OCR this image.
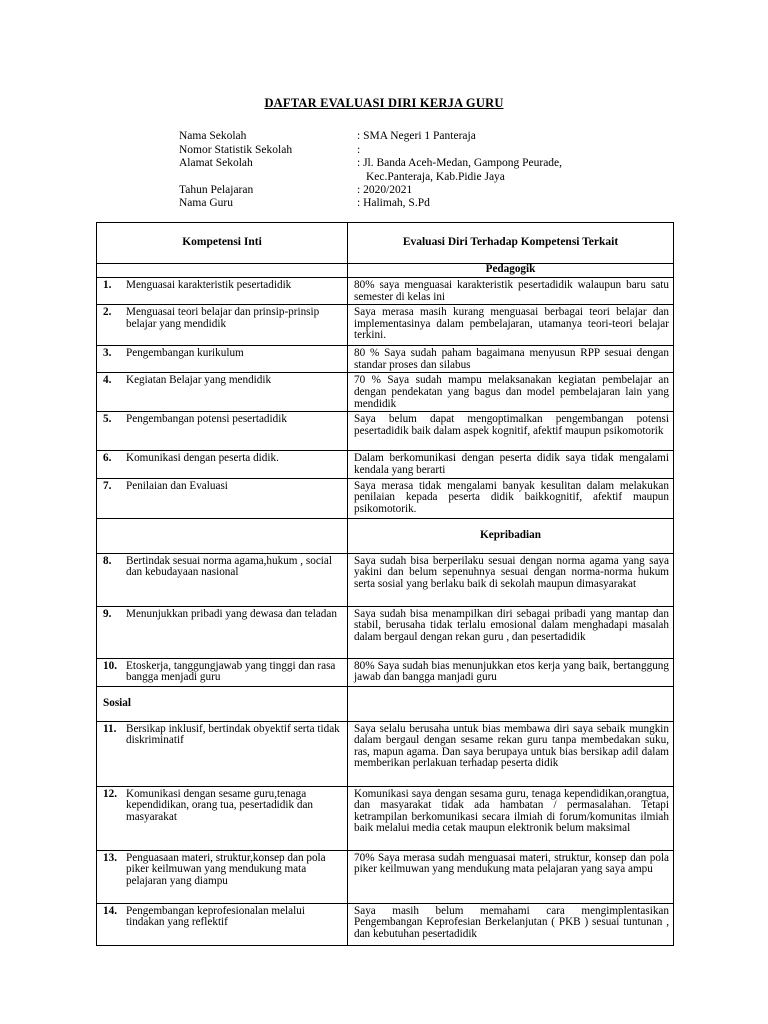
DAFTAR EVALUASI DIRI KERJA GURU
Nama Sekolah	: SMA Negeri 1 Panteraja
Nomor Statistik Sekolah	:
Alamat Sekolah	: Jl. Banda Aceh-Medan, Gampong Peurade,
Kec.Panteraja, Kab.Pidie Jaya
Tahun Pelajaran	: 2020/2021
Nama Guru	: Halimah, S.Pd
Kompetensi Inti	Evaluasi Diri Terhadap Kompetensi Terkait
	Pedagogik

1. Menguasai karakteristik pesertadidik	80% saya menguasai karakteristik pesertadidik walaupun baru satu semester di kelas ini

2. Menguasai teori belajar dan prinsip-prinsip belajar yang mendidik	Saya merasa masih kurang menguasai berbagai teori belajar dan implementasinya dalam pembelajaran, utamanya teori-teori belajar terkini.

3. Pengembangan kurikulum	80 % Saya sudah paham bagaimana menyusun RPP sesuai dengan standar proses dan silabus

4. Kegiatan Belajar yang mendidik	70 % Saya sudah mampu melaksanakan kegiatan pembelajar an dengan pendekatan yang bagus dan model pembelajaran lain yang mendidik

5. Pengembangan potensi pesertadidik	Saya belum dapat mengoptimalkan pengembangan potensi pesertadidik baik dalam aspek kognitif, afektif maupun psikomotorik

6. Komunikasi dengan peserta didik.	Dalam berkomunikasi dengan peserta didik saya tidak mengalami kendala yang berarti

7. Penilaian dan Evaluasi	Saya merasa tidak mengalami banyak kesulitan dalam melakukan penilaian kepada peserta didik baikkognitif, afektif maupun psikomotorik.
	Kepribadian

8. Bertindak sesuai norma agama,hukum , social dan kebudayaan nasional	Saya sudah bisa berperilaku sesuai dengan norma agama yang saya yakini dan belum sepenuhnya sesuai dengan norma-norma hukum serta sosial yang berlaku baik di sekolah maupun dimasyarakat

9. Menunjukkan pribadi yang dewasa dan teladan	Saya sudah bisa menampilkan diri sebagai pribadi yang mantap dan stabil, berusaha tidak terlalu emosional dalam menghadapi masalah dalam bergaul dengan rekan guru , dan pesertadidik

10. Etoskerja, tanggungjawab yang tinggi dan rasa bangga menjadi guru	80% Saya sudah bias menunjukkan etos kerja yang baik, bertanggung jawab dan bangga manjadi guru
Sosial	

11. Bersikap inklusif, bertindak obyektif serta tidak diskriminatif	Saya selalu berusaha untuk bias membawa diri saya sebaik mungkin dalam bergaul dengan sesame rekan guru tanpa membedakan suku, ras, mapun agama. Dan saya berupaya untuk bias bersikap adil dalam memberikan perlakuan terhadap peserta didik

12. Komunikasi dengan sesame guru,tenaga kependidikan, orang tua, pesertadidik dan masyarakat	Komunikasi saya dengan sesama guru, tenaga kependidikan,orangtua, dan masyarakat tidak ada hambatan / permasalahan. Tetapi ketrampilan berkomunikasi secara ilmiah di forum/komunitas ilmiah baik melalui media cetak maupun elektronik belum maksimal

13. Penguasaan materi, struktur,konsep dan pola piker keilmuwan yang mendukung mata pelajaran yang diampu	70% Saya merasa sudah menguasai materi, struktur, konsep dan pola piker keilmuwan yang mendukung mata pelajaran yang saya ampu

14. Pengembangan keprofesionalan melalui tindakan yang reflektif	Saya masih belum memahami cara mengimplentasikan Pengembangan Keprofesian Berkelanjutan ( PKB ) sesuai tuntunan , dan kebutuhan pesertadidik
